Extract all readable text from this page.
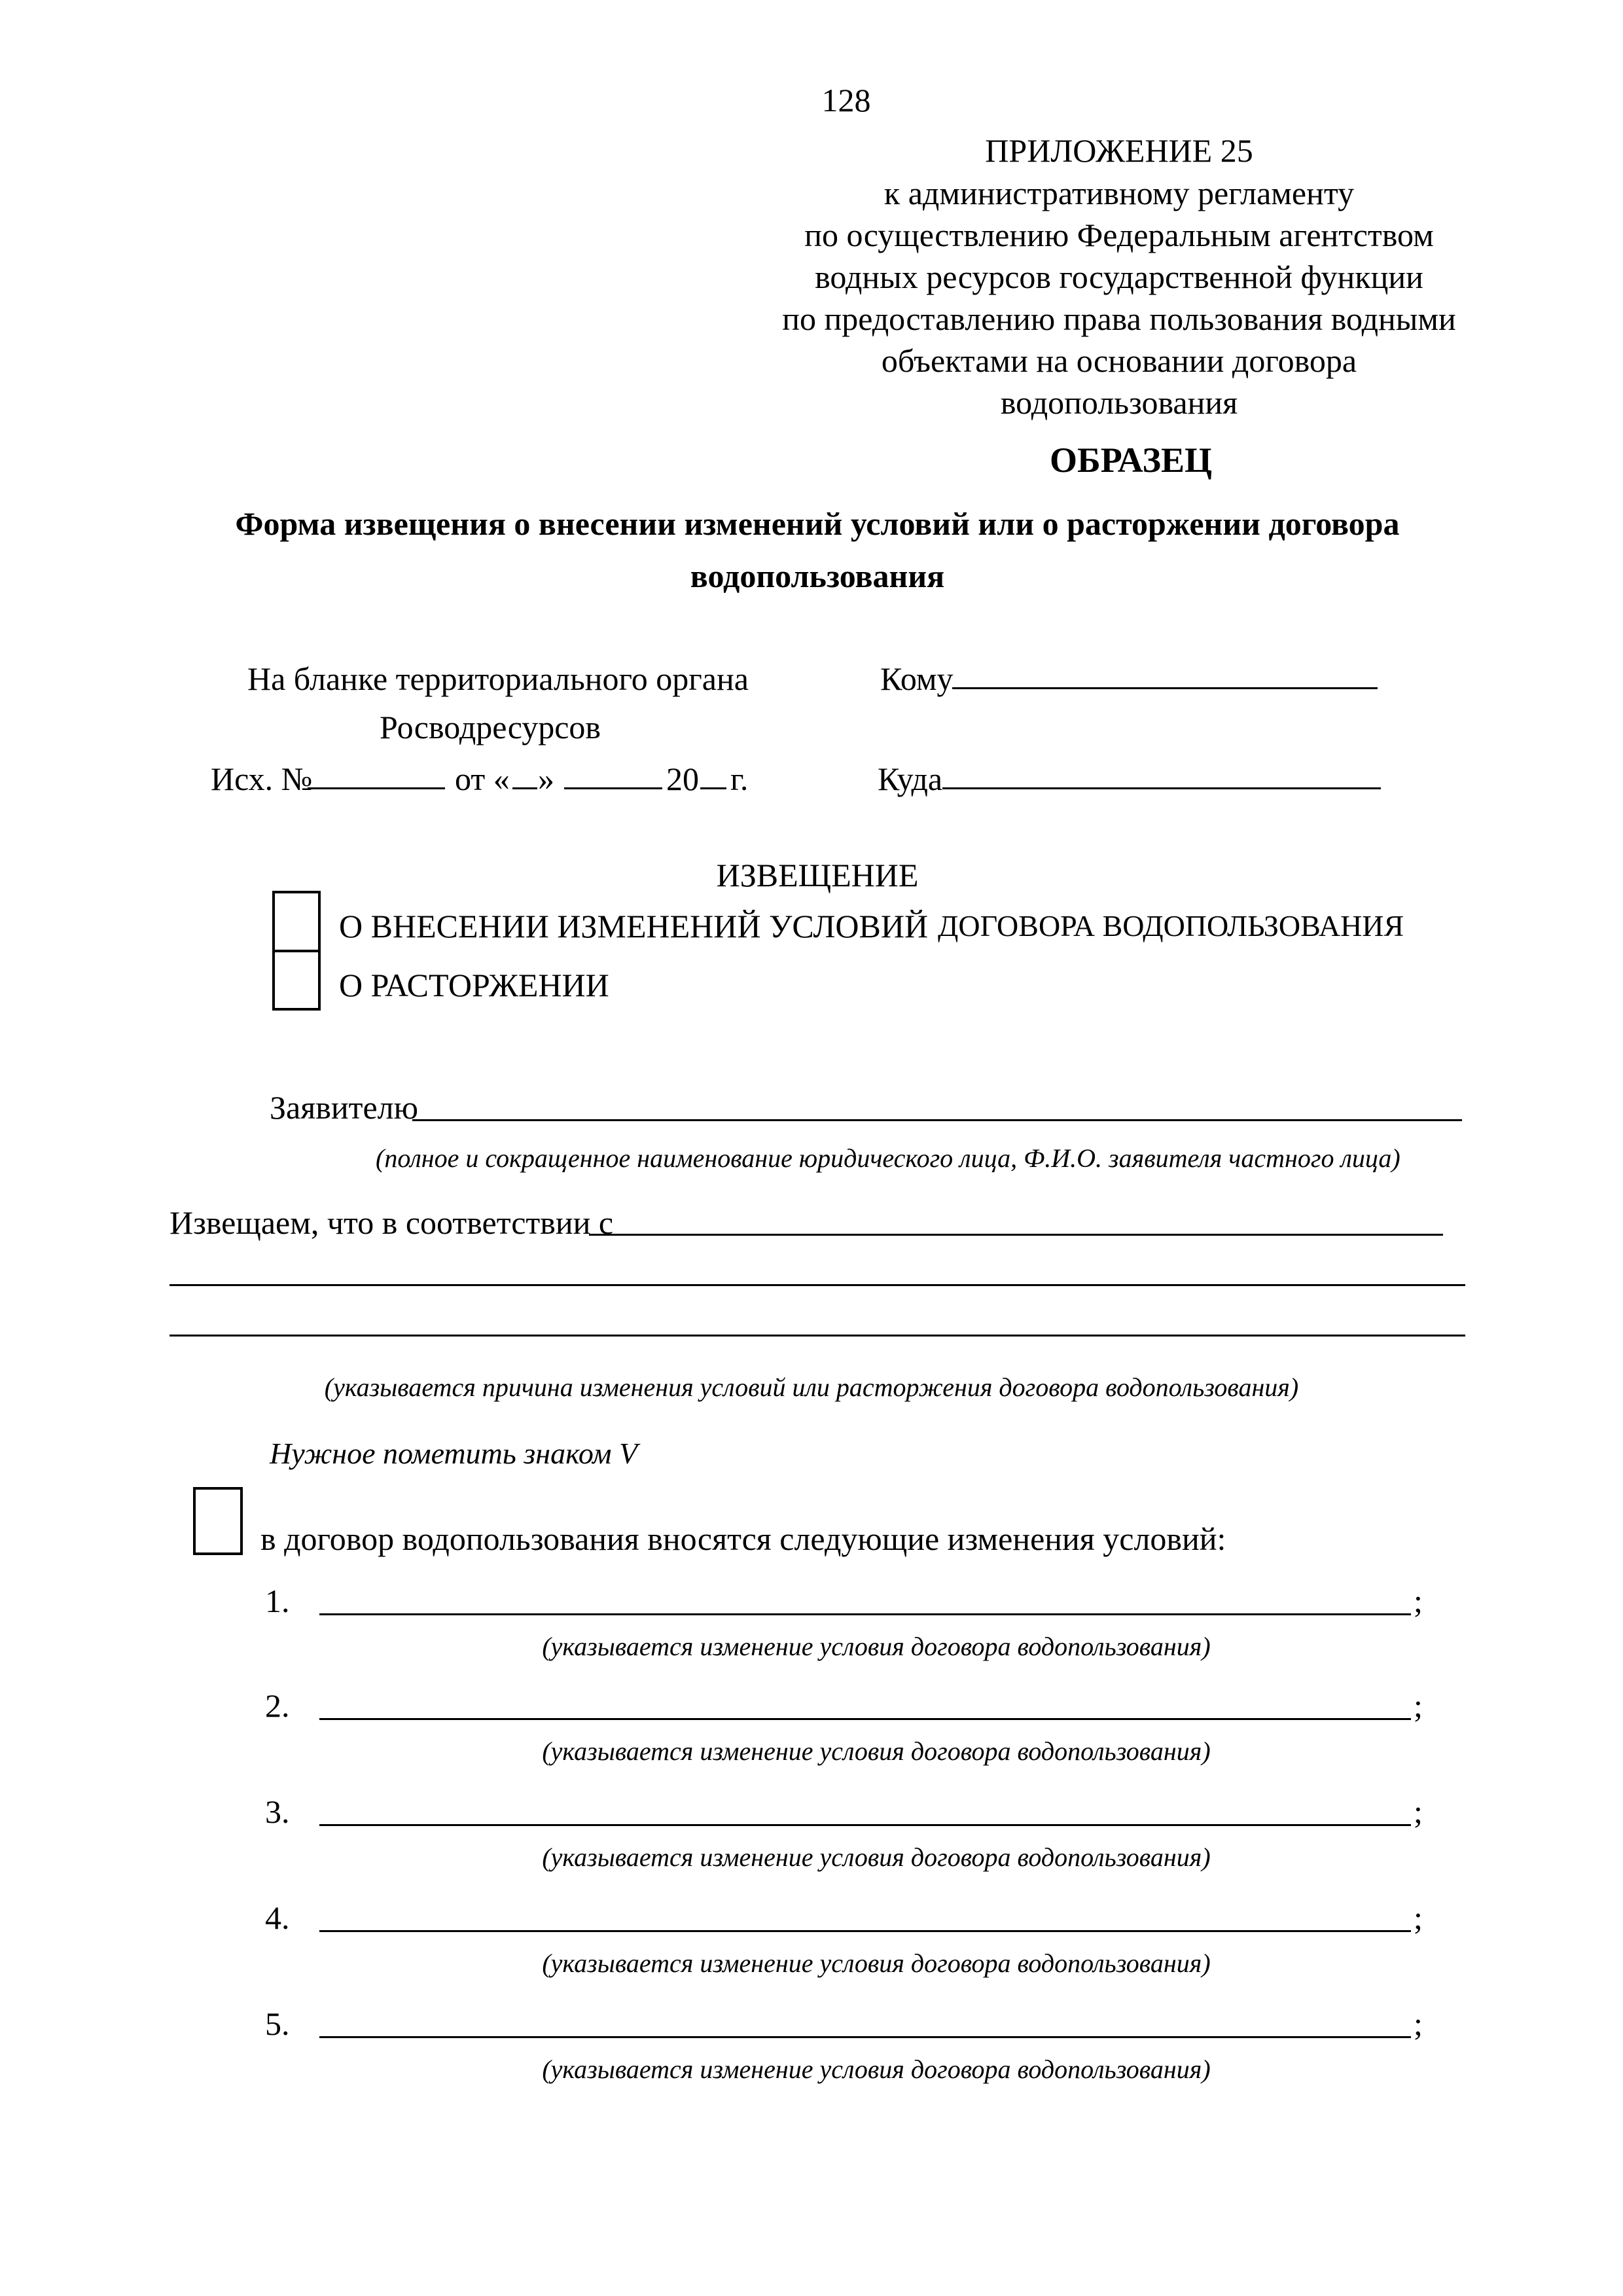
128
ПРИЛОЖЕНИЕ 25
к административному регламенту
по осуществлению Федеральным агентством
водных ресурсов государственной функции
по предоставлению права пользования водными
объектами на основании договора
водопользования
ОБРАЗЕЦ
Форма извещения о внесении изменений условий или о расторжении договора
водопользования
На бланке территориального органа
Росводресурсов
Кому
Исх. №	от « »	20 г.	Куда
ИЗВЕЩЕНИЕ
О ВНЕСЕНИИ ИЗМЕНЕНИЙ УСЛОВИЙ ДОГОВОРА ВОДОПОЛЬЗОВАНИЯ
О РАСТОРЖЕНИИ
Заявителю
(полное и сокращенное наименование юридического лица, Ф.И.О. заявителя частного лица)
Извещаем, что в соответствии с
(указывается причина изменения условий или расторжения договора водопользования)
Нужное пометить знаком V
в договор водопользования вносятся следующие изменения условий:
1.	;
(указывается изменение условия договора водопользования)
2.	;
(указывается изменение условия договора водопользования)
3.	;
(указывается изменение условия договора водопользования)
4.	;
(указывается изменение условия договора водопользования)
5.	;
(указывается изменение условия договора водопользования)
